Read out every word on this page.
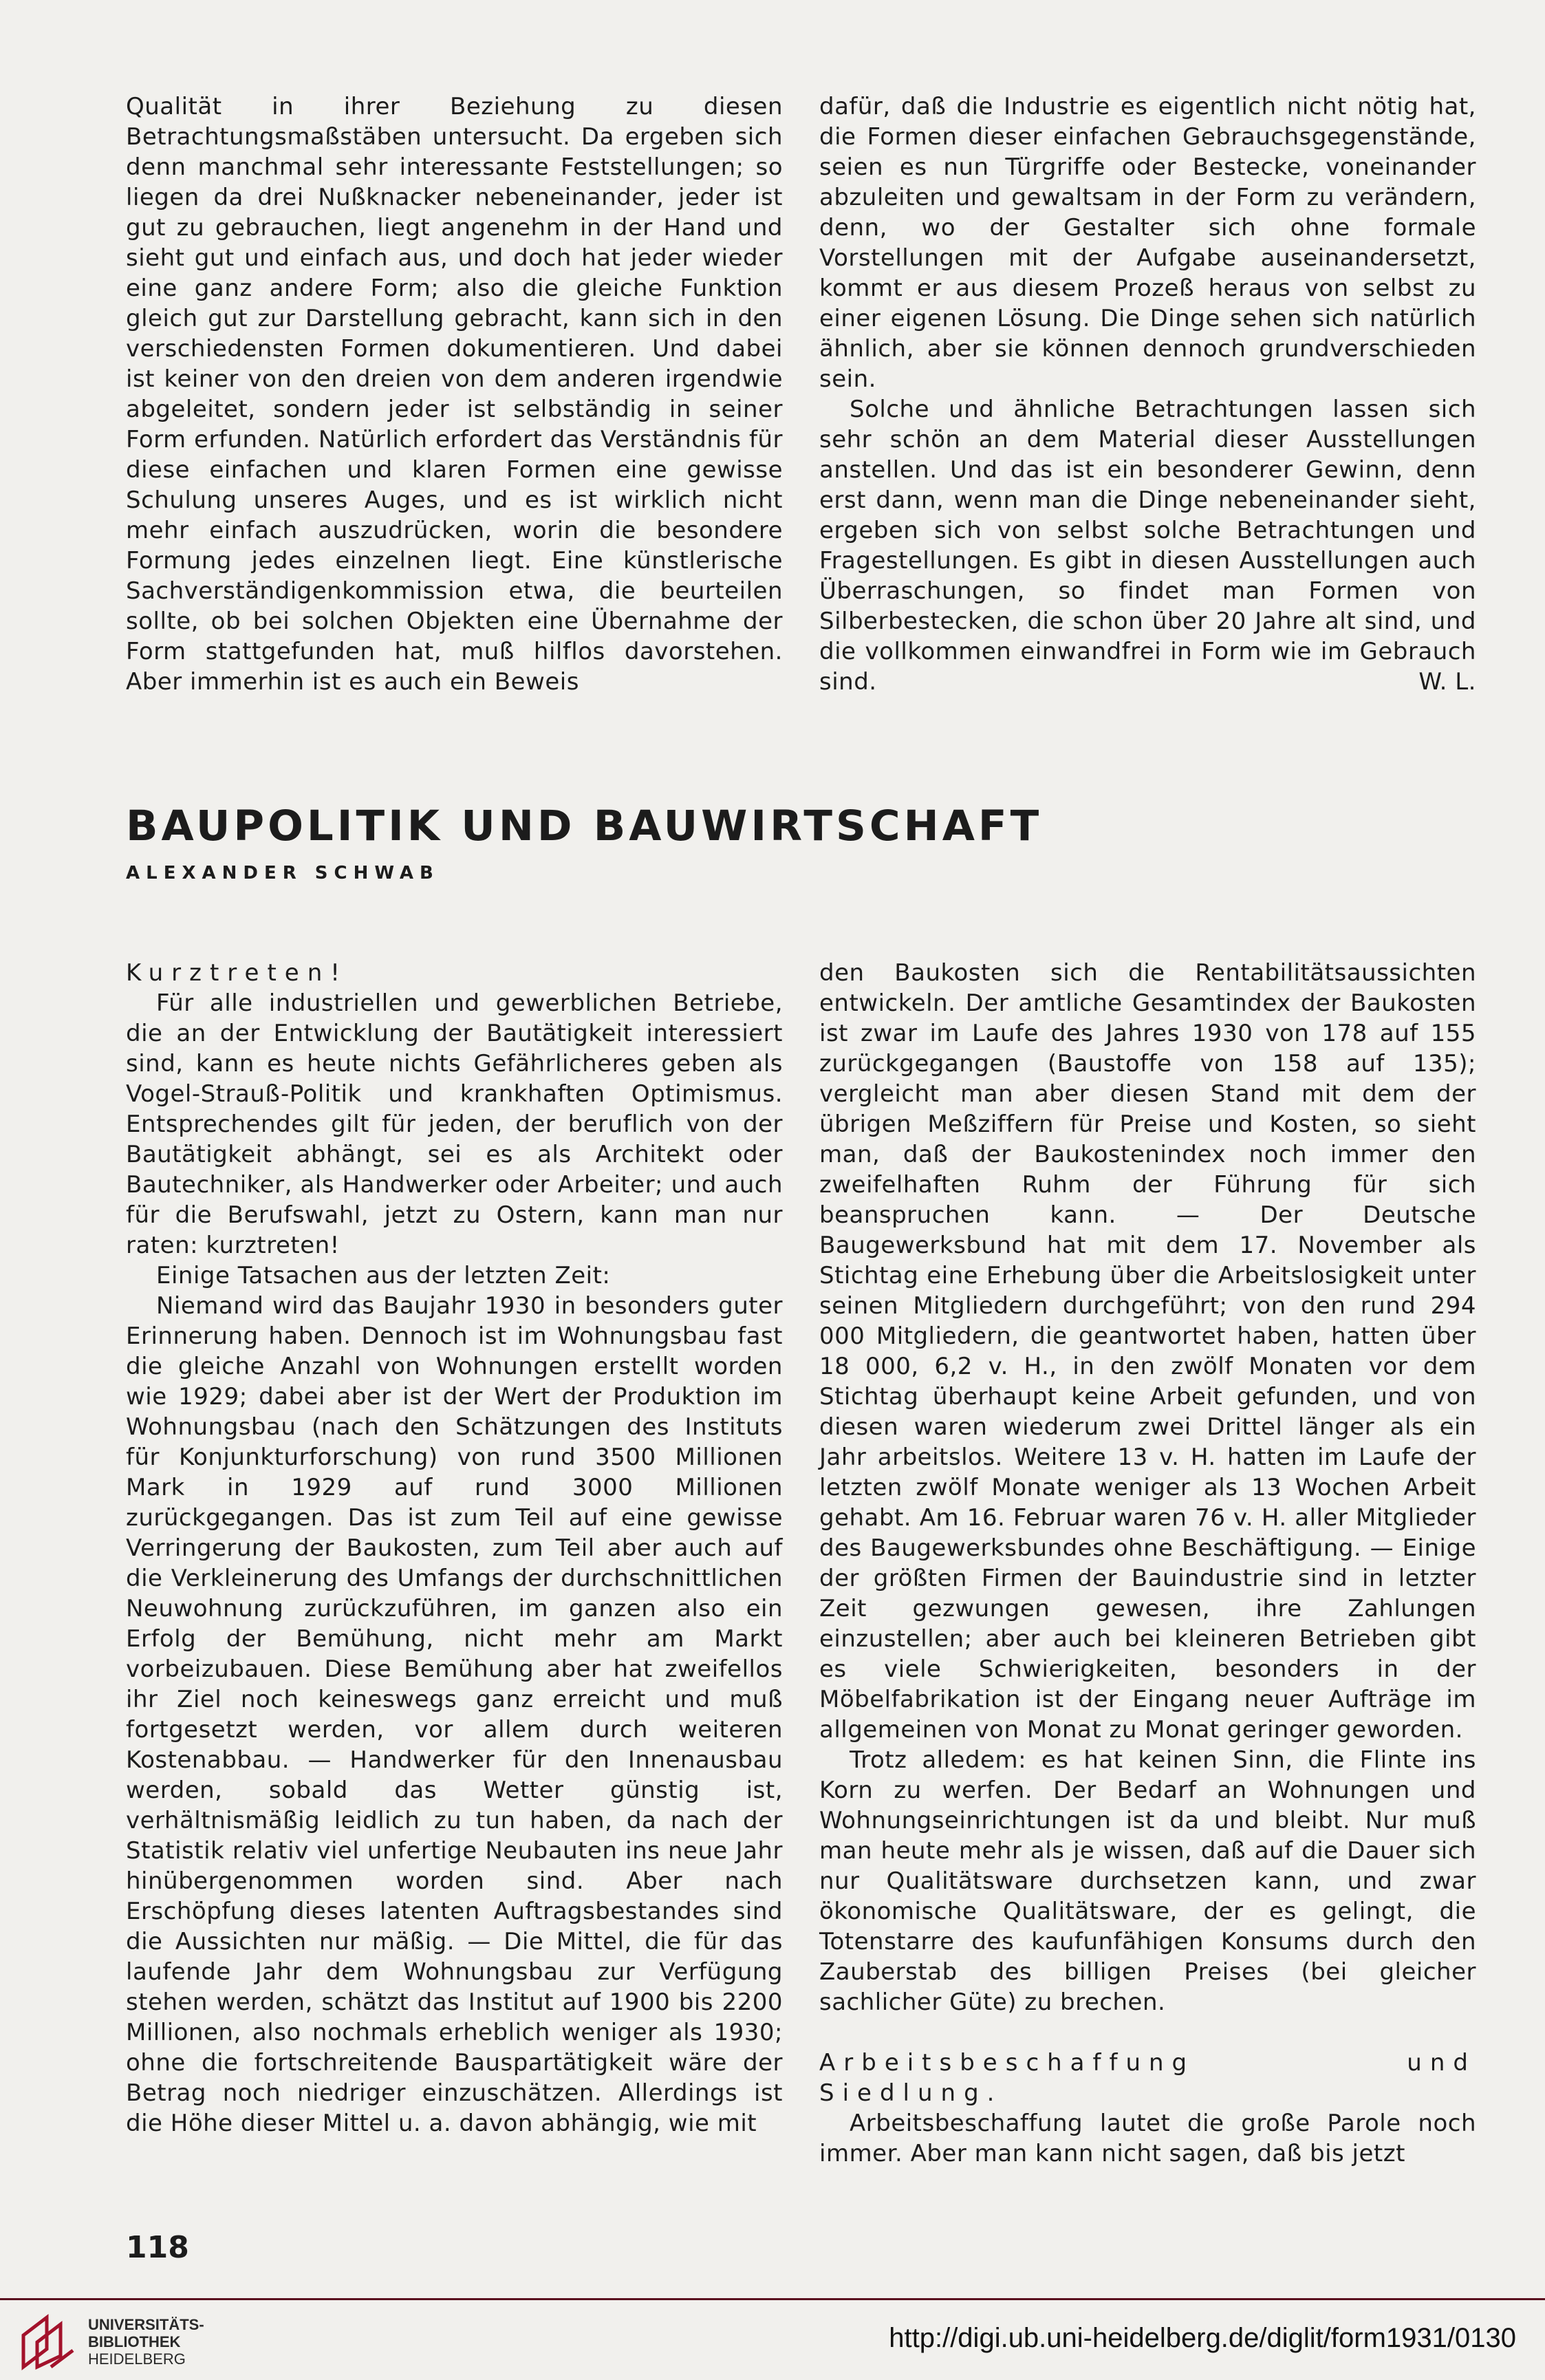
Qualität in ihrer Beziehung zu diesen Betrachtungsmaßstäben untersucht. Da ergeben sich denn manchmal sehr interessante Feststellungen; so liegen da drei Nußknacker nebeneinander, jeder ist gut zu gebrauchen, liegt angenehm in der Hand und sieht gut und einfach aus, und doch hat jeder wieder eine ganz andere Form; also die gleiche Funktion gleich gut zur Darstellung gebracht, kann sich in den verschiedensten Formen dokumentieren. Und dabei ist keiner von den dreien von dem anderen irgendwie abgeleitet, sondern jeder ist selbständig in seiner Form erfunden. Natürlich erfordert das Verständnis für diese einfachen und klaren Formen eine gewisse Schulung unseres Auges, und es ist wirklich nicht mehr einfach auszudrücken, worin die besondere Formung jedes einzelnen liegt. Eine künstlerische Sachverständigenkommission etwa, die beurteilen sollte, ob bei solchen Objekten eine Übernahme der Form stattgefunden hat, muß hilflos davorstehen. Aber immerhin ist es auch ein Beweis

dafür, daß die Industrie es eigentlich nicht nötig hat, die Formen dieser einfachen Gebrauchsgegenstände, seien es nun Türgriffe oder Bestecke, voneinander abzuleiten und gewaltsam in der Form zu verändern, denn, wo der Gestalter sich ohne formale Vorstellungen mit der Aufgabe auseinandersetzt, kommt er aus diesem Prozeß heraus von selbst zu einer eigenen Lösung. Die Dinge sehen sich natürlich ähnlich, aber sie können dennoch grundverschieden sein.

Solche und ähnliche Betrachtungen lassen sich sehr schön an dem Material dieser Ausstellungen anstellen. Und das ist ein besonderer Gewinn, denn erst dann, wenn man die Dinge nebeneinander sieht, ergeben sich von selbst solche Betrachtungen und Fragestellungen. Es gibt in diesen Ausstellungen auch Überraschungen, so findet man Formen von Silberbestecken, die schon über 20 Jahre alt sind, und die vollkommen einwandfrei in Form wie im Gebrauch sind.	W. L.

BAUPOLITIK UND BAUWIRTSCHAFT
ALEXANDER SCHWAB

Kurztreten!

Für alle industriellen und gewerblichen Betriebe, die an der Entwicklung der Bautätigkeit interessiert sind, kann es heute nichts Gefährlicheres geben als Vogel-Strauß-Politik und krankhaften Optimismus. Entsprechendes gilt für jeden, der beruflich von der Bautätigkeit abhängt, sei es als Architekt oder Bautechniker, als Handwerker oder Arbeiter; und auch für die Berufswahl, jetzt zu Ostern, kann man nur raten: kurztreten!

Einige Tatsachen aus der letzten Zeit:

Niemand wird das Baujahr 1930 in besonders guter Erinnerung haben. Dennoch ist im Wohnungsbau fast die gleiche Anzahl von Wohnungen erstellt worden wie 1929; dabei aber ist der Wert der Produktion im Wohnungsbau (nach den Schätzungen des Instituts für Konjunkturforschung) von rund 3500 Millionen Mark in 1929 auf rund 3000 Millionen zurückgegangen. Das ist zum Teil auf eine gewisse Verringerung der Baukosten, zum Teil aber auch auf die Verkleinerung des Umfangs der durchschnittlichen Neuwohnung zurückzuführen, im ganzen also ein Erfolg der Bemühung, nicht mehr am Markt vorbeizubauen. Diese Bemühung aber hat zweifellos ihr Ziel noch keineswegs ganz erreicht und muß fortgesetzt werden, vor allem durch weiteren Kostenabbau. — Handwerker für den Innenausbau werden, sobald das Wetter günstig ist, verhältnismäßig leidlich zu tun haben, da nach der Statistik relativ viel unfertige Neubauten ins neue Jahr hinübergenommen worden sind. Aber nach Erschöpfung dieses latenten Auftragsbestandes sind die Aussichten nur mäßig. — Die Mittel, die für das laufende Jahr dem Wohnungsbau zur Verfügung stehen werden, schätzt das Institut auf 1900 bis 2200 Millionen, also nochmals erheblich weniger als 1930; ohne die fortschreitende Bauspartätigkeit wäre der Betrag noch niedriger einzuschätzen. Allerdings ist die Höhe dieser Mittel u. a. davon abhängig, wie mit

den Baukosten sich die Rentabilitätsaussichten entwickeln. Der amtliche Gesamtindex der Baukosten ist zwar im Laufe des Jahres 1930 von 178 auf 155 zurückgegangen (Baustoffe von 158 auf 135); vergleicht man aber diesen Stand mit dem der übrigen Meßziffern für Preise und Kosten, so sieht man, daß der Baukostenindex noch immer den zweifelhaften Ruhm der Führung für sich beanspruchen kann. — Der Deutsche Baugewerksbund hat mit dem 17. November als Stichtag eine Erhebung über die Arbeitslosigkeit unter seinen Mitgliedern durchgeführt; von den rund 294 000 Mitgliedern, die geantwortet haben, hatten über 18 000, 6,2 v. H., in den zwölf Monaten vor dem Stichtag überhaupt keine Arbeit gefunden, und von diesen waren wiederum zwei Drittel länger als ein Jahr arbeitslos. Weitere 13 v. H. hatten im Laufe der letzten zwölf Monate weniger als 13 Wochen Arbeit gehabt. Am 16. Februar waren 76 v. H. aller Mitglieder des Baugewerksbundes ohne Beschäftigung. — Einige der größten Firmen der Bauindustrie sind in letzter Zeit gezwungen gewesen, ihre Zahlungen einzustellen; aber auch bei kleineren Betrieben gibt es viele Schwierigkeiten, besonders in der Möbelfabrikation ist der Eingang neuer Aufträge im allgemeinen von Monat zu Monat geringer geworden.

Trotz alledem: es hat keinen Sinn, die Flinte ins Korn zu werfen. Der Bedarf an Wohnungen und Wohnungseinrichtungen ist da und bleibt. Nur muß man heute mehr als je wissen, daß auf die Dauer sich nur Qualitätsware durchsetzen kann, und zwar ökonomische Qualitätsware, der es gelingt, die Totenstarre des kaufunfähigen Konsums durch den Zauberstab des billigen Preises (bei gleicher sachlicher Güte) zu brechen.

Arbeitsbeschaffung und Siedlung.

Arbeitsbeschaffung lautet die große Parole noch immer. Aber man kann nicht sagen, daß bis jetzt

118
UNIVERSITÄTS-
BIBLIOTHEK
HEIDELBERG
http://digi.ub.uni-heidelberg.de/diglit/form1931/0130
